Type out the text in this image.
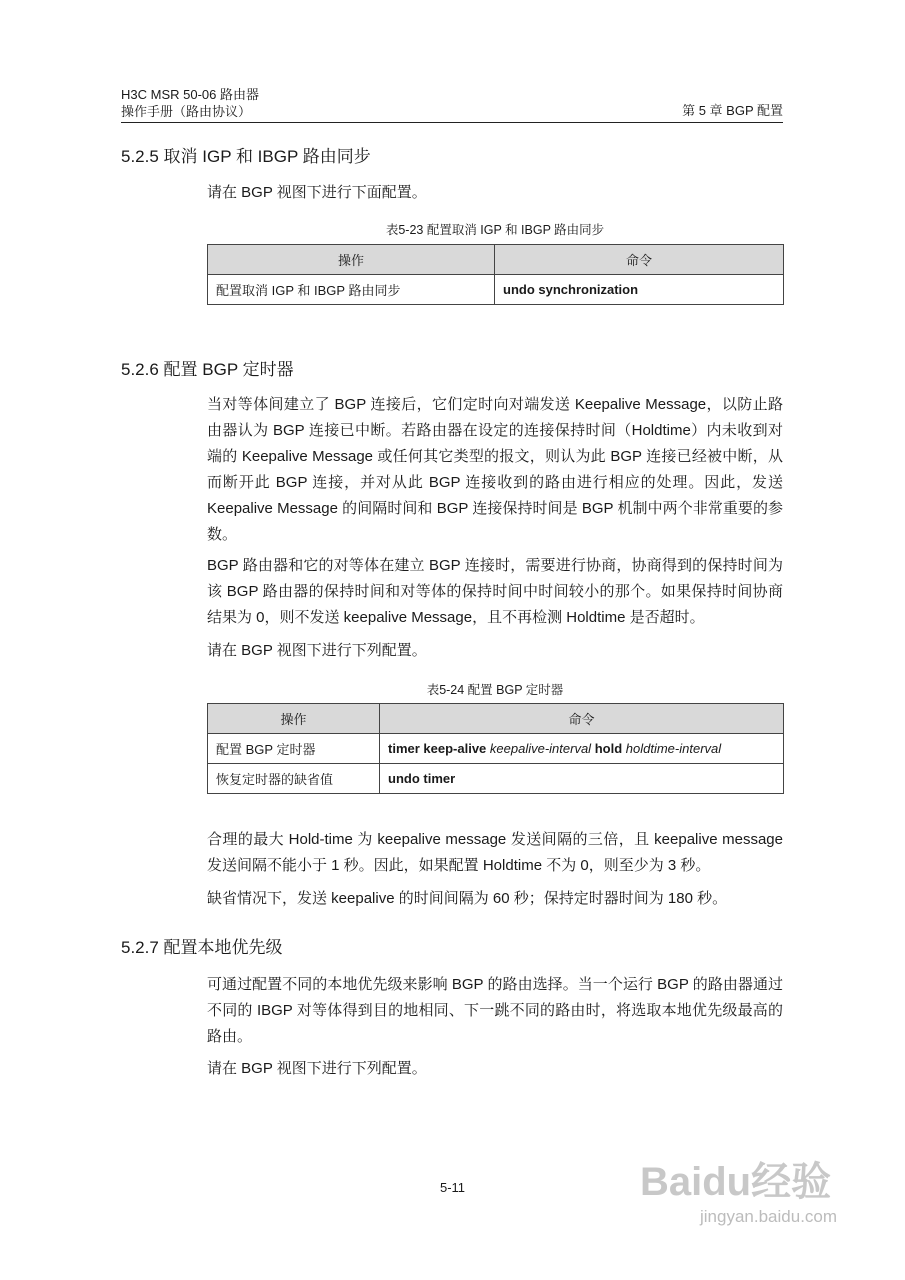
H3C MSR 50-06 路由器
操作手册（路由协议）	第 5 章 BGP 配置
5.2.5 取消 IGP 和 IBGP 路由同步

请在 BGP 视图下进行下面配置。

表5-23 配置取消 IGP 和 IBGP 路由同步
操作	命令
配置取消 IGP 和 IBGP 路由同步	undo synchronization
5.2.6 配置 BGP 定时器

当对等体间建立了 BGP 连接后，它们定时向对端发送 Keepalive Message，以防止路由器认为 BGP 连接已中断。若路由器在设定的连接保持时间（Holdtime）内未收到对端的 Keepalive Message 或任何其它类型的报文，则认为此 BGP 连接已经被中断，从而断开此 BGP 连接，并对从此 BGP 连接收到的路由进行相应的处理。因此，发送 Keepalive Message 的间隔时间和 BGP 连接保持时间是 BGP 机制中两个非常重要的参数。

BGP 路由器和它的对等体在建立 BGP 连接时，需要进行协商，协商得到的保持时间为该 BGP 路由器的保持时间和对等体的保持时间中时间较小的那个。如果保持时间协商结果为 0，则不发送 keepalive Message，且不再检测 Holdtime 是否超时。

请在 BGP 视图下进行下列配置。

表5-24 配置 BGP 定时器
操作	命令
配置 BGP 定时器	timer keep-alive keepalive-interval hold holdtime-interval
恢复定时器的缺省值	undo timer

合理的最大 Hold-time 为 keepalive message 发送间隔的三倍，且 keepalive message 发送间隔不能小于 1 秒。因此，如果配置 Holdtime 不为 0，则至少为 3 秒。

缺省情况下，发送 keepalive 的时间间隔为 60 秒；保持定时器时间为 180 秒。

5.2.7 配置本地优先级

可通过配置不同的本地优先级来影响 BGP 的路由选择。当一个运行 BGP 的路由器通过不同的 IBGP 对等体得到目的地相同、下一跳不同的路由时，将选取本地优先级最高的路由。

请在 BGP 视图下进行下列配置。

5-11	Baidu经验
jingyan.baidu.com
